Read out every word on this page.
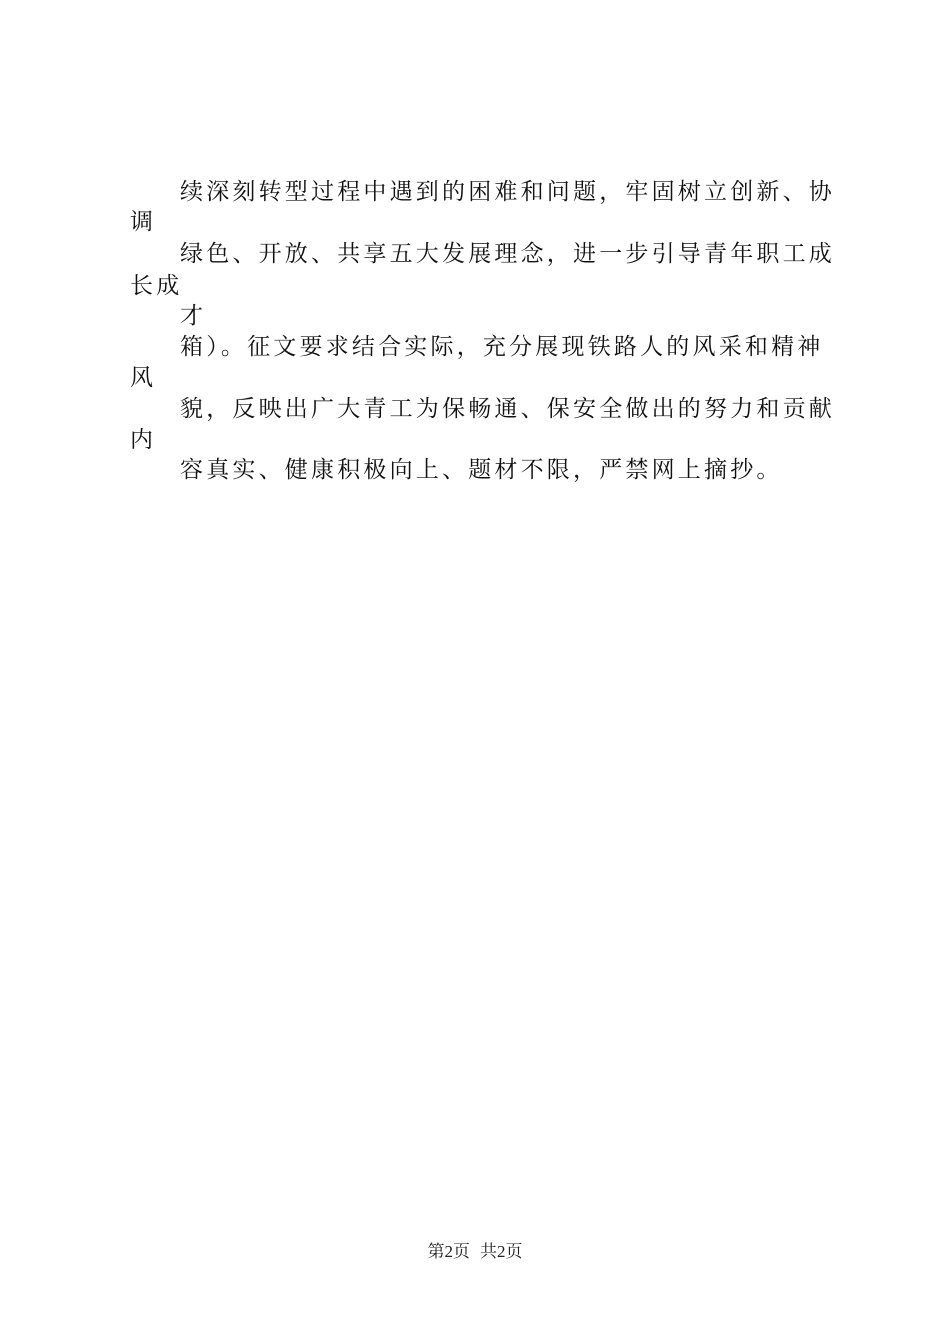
续深刻转型过程中遇到的困难和问题，牢固树立创新、协
调
绿色、开放、共享五大发展理念，进一步引导青年职工成
长成
才
箱）。征文要求结合实际，充分展现铁路人的风采和精神
风
貌，反映出广大青工为保畅通、保安全做出的努力和贡献
内
容真实、健康积极向上、题材不限，严禁网上摘抄。
第2页 共2页
